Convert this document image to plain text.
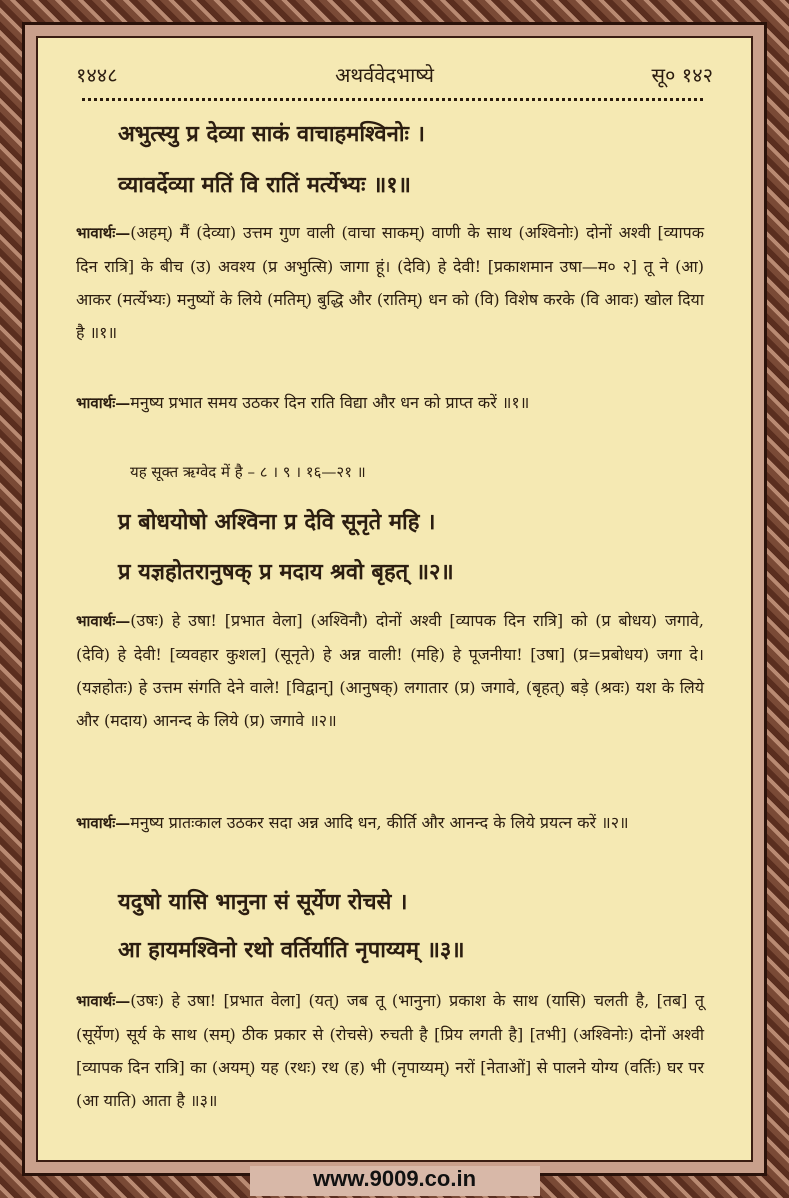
१४४८	अथर्ववेदभाष्ये	सू० १४२
अभुत्स्यु प्र देव्या साकं वाचाहमश्विनोः ।
व्यावर्देव्या मतिं वि रातिं मर्त्येभ्यः ॥१॥
भावार्थः—(अहम्) मैं (देव्या) उत्तम गुण वाली (वाचा साकम्) वाणी के साथ (अश्विनोः) दोनों अश्वी [व्यापक दिन रात्रि] के बीच (उ) अवश्य (प्र अभुत्सि) जागा हूं। (देवि) हे देवी! [प्रकाशमान उषा—म० २] तू ने (आ) आकर (मर्त्येभ्यः) मनुष्यों के लिये (मतिम्) बुद्धि और (रातिम्) धन को (वि) विशेष करके (वि आवः) खोल दिया है ॥१॥
भावार्थः—मनुष्य प्रभात समय उठकर दिन राति विद्या और धन को प्राप्त करें ॥१॥
यह सूक्त ऋग्वेद में है – ८ । ९ । १६—२१ ॥
प्र बोधयोषो अश्विना प्र देवि सूनृते महि ।
प्र यज्ञहोतरानुषक् प्र मदाय श्रवो बृहत् ॥२॥
भावार्थः—(उषः) हे उषा! [प्रभात वेला] (अश्विनौ) दोनों अश्वी [व्यापक दिन रात्रि] को (प्र बोधय) जगावे, (देवि) हे देवी! [व्यवहार कुशल] (सूनृते) हे अन्न वाली! (महि) हे पूजनीया! [उषा] (प्र=प्रबोधय) जगा दे। (यज्ञहोतः) हे उत्तम संगति देने वाले! [विद्वान्] (आनुषक्) लगातार (प्र) जगावे, (बृहत्) बड़े (श्रवः) यश के लिये और (मदाय) आनन्द के लिये (प्र) जगावे ॥२॥
भावार्थः—मनुष्य प्रातःकाल उठकर सदा अन्न आदि धन, कीर्ति और आनन्द के लिये प्रयत्न करें ॥२॥
यदुषो यासि भानुना सं सूर्येण रोचसे ।
आ हायमश्विनो रथो वर्तिर्याति नृपाय्यम् ॥३॥
भावार्थः—(उषः) हे उषा! [प्रभात वेला] (यत्) जब तू (भानुना) प्रकाश के साथ (यासि) चलती है, [तब] तू (सूर्येण) सूर्य के साथ (सम्) ठीक प्रकार से (रोचसे) रुचती है [प्रिय लगती है] [तभी] (अश्विनोः) दोनों अश्वी [व्यापक दिन रात्रि] का (अयम्) यह (रथः) रथ (ह) भी (नृपाय्यम्) नरों [नेताओं] से पालने योग्य (वर्तिः) घर पर (आ याति) आता है ॥३॥
www.9009.co.in
